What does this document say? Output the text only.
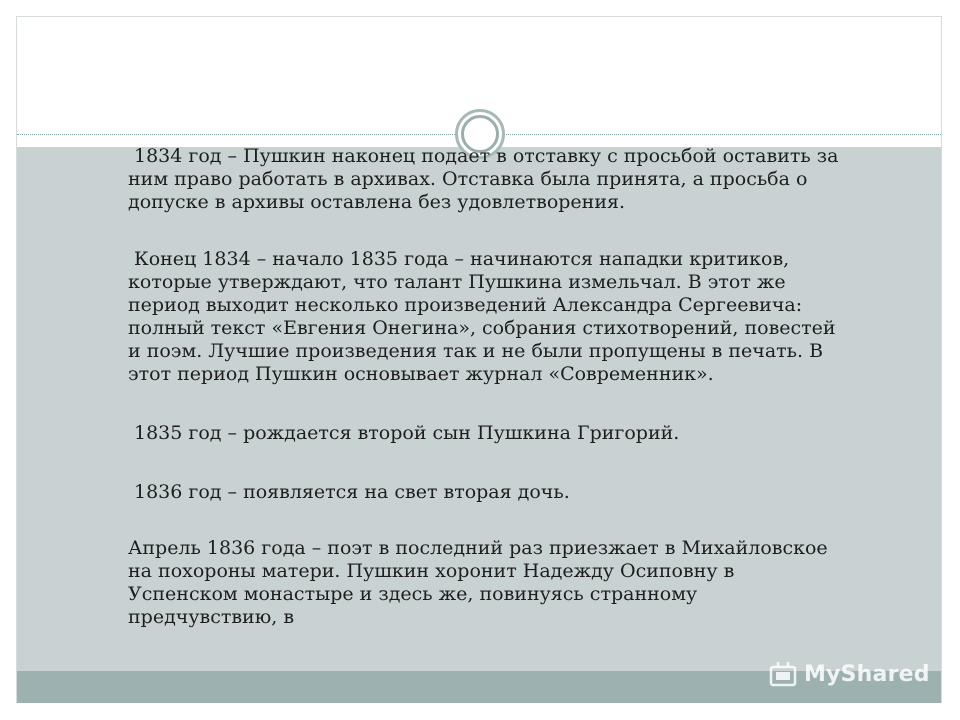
1834 год – Пушкин наконец подает в отставку с просьбой оставить за
ним право работать в архивах. Отставка была принята, а просьба о
допуске в архивы оставлена без удовлетворения.

Конец 1834 – начало 1835 года – начинаются нападки критиков,
которые утверждают, что талант Пушкина измельчал. В этот же
период выходит несколько произведений Александра Сергеевича:
полный текст «Евгения Онегина», собрания стихотворений, повестей
и поэм. Лучшие произведения так и не были пропущены в печать. В
этот период Пушкин основывает журнал «Современник».

1835 год – рождается второй сын Пушкина Григорий.

1836 год – появляется на свет вторая дочь.

Апрель 1836 года – поэт в последний раз приезжает в Михайловское
на похороны матери. Пушкин хоронит Надежду Осиповну в
Успенском монастыре и здесь же, повинуясь странному
предчувствию, в

MyShared
